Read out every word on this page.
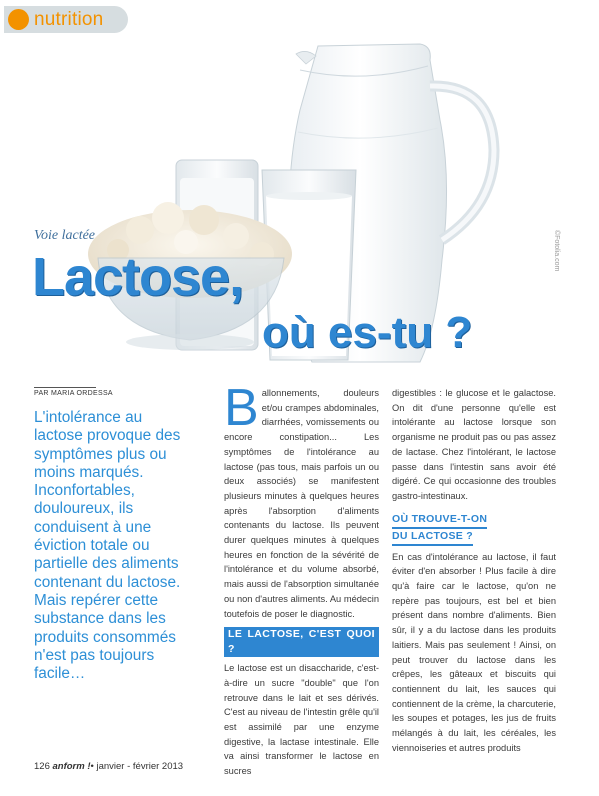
nutrition
©Fotolia.com
Voie lactée
Lactose,
où es-tu ?
PAR MARIA ORDESSA
L'intolérance au lactose provoque des symptômes plus ou moins marqués. Inconfortables, douloureux, ils conduisent à une éviction totale ou partielle des aliments contenant du lactose. Mais repérer cette substance dans les produits consommés n'est pas toujours facile…
B allonnements, douleurs et/ou crampes abdominales, diarrhées, vomissements ou encore constipation... Les symptômes de l'intolérance au lactose (pas tous, mais parfois un ou deux associés) se manifestent plusieurs minutes à quelques heures après l'absorption d'aliments contenants du lactose. Ils peuvent durer quelques minutes à quelques heures en fonction de la sévérité de l'intolérance et du volume absorbé, mais aussi de l'absorption simultanée ou non d'autres aliments. Au médecin toutefois de poser le diagnostic.

LE LACTOSE, C'EST QUOI ?

Le lactose est un disaccharide, c'est-à-dire un sucre "double" que l'on retrouve dans le lait et ses dérivés. C'est au niveau de l'intestin grêle qu'il est assimilé par une enzyme digestive, la lactase intestinale. Elle va ainsi transformer le lactose en sucres

digestibles : le glucose et le galactose. On dit d'une personne qu'elle est intolérante au lactose lorsque son organisme ne produit pas ou pas assez de lactase. Chez l'intolérant, le lactose passe dans l'intestin sans avoir été digéré. Ce qui occasionne des troubles gastro-intestinaux.

OÙ TROUVE-T-ON
DU LACTOSE ?

En cas d'intolérance au lactose, il faut éviter d'en absorber ! Plus facile à dire qu'à faire car le lactose, qu'on ne repère pas toujours, est bel et bien présent dans nombre d'aliments. Bien sûr, il y a du lactose dans les produits laitiers. Mais pas seulement ! Ainsi, on peut trouver du lactose dans les crêpes, les gâteaux et biscuits qui contiennent du lait, les sauces qui contiennent de la crème, la charcuterie, les soupes et potages, les jus de fruits mélangés à du lait, les céréales, les viennoiseries et autres produits

126 anform !• janvier - février 2013
